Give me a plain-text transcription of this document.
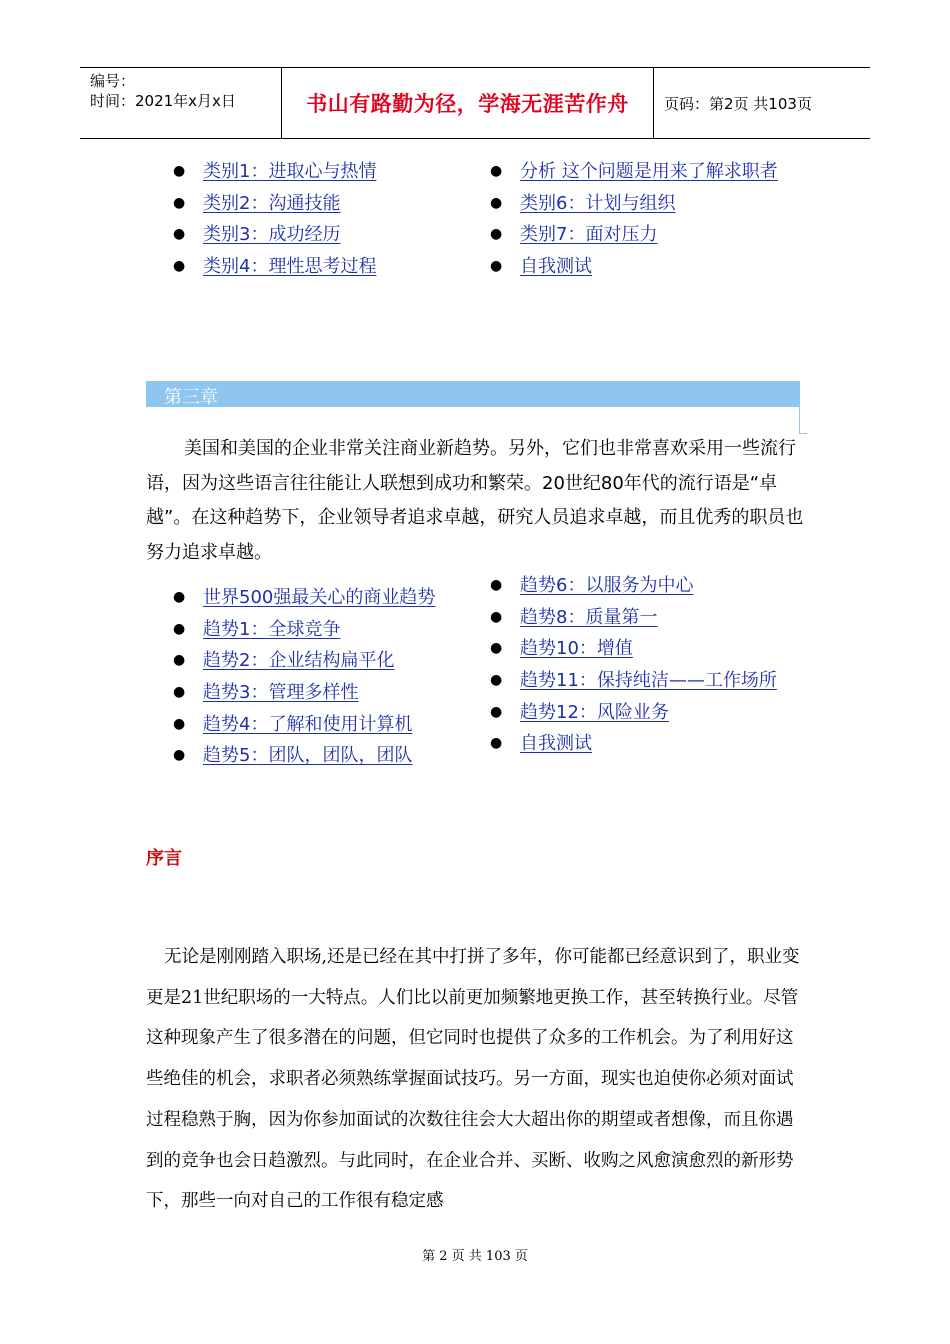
编号：
时间：2021年x月x日	书山有路勤为径，学海无涯苦作舟	页码：第2页 共103页
● 类别1：进取心与热情
● 类别2：沟通技能
● 类别3：成功经历
● 类别4：理性思考过程
● 分析 这个问题是用来了解求职者
● 类别6：计划与组织
● 类别7：面对压力
● 自我测试
第三章

美国和美国的企业非常关注商业新趋势。另外，它们也非常喜欢采用一些流行语，因为这些语言往往能让人联想到成功和繁荣。20世纪80年代的流行语是“卓越”。在这种趋势下，企业领导者追求卓越，研究人员追求卓越，而且优秀的职员也努力追求卓越。

● 世界500强最关心的商业趋势
● 趋势1：全球竞争
● 趋势2：企业结构扁平化
● 趋势3：管理多样性
● 趋势4：了解和使用计算机
● 趋势5：团队，团队，团队
● 趋势6：以服务为中心
● 趋势8：质量第一
● 趋势10：增值
● 趋势11：保持纯洁——工作场所
● 趋势12：风险业务
● 自我测试
序言

无论是刚刚踏入职场,还是已经在其中打拼了多年，你可能都已经意识到了，职业变更是21世纪职场的一大特点。人们比以前更加频繁地更换工作，甚至转换行业。尽管这种现象产生了很多潜在的问题，但它同时也提供了众多的工作机会。为了利用好这些绝佳的机会，求职者必须熟练掌握面试技巧。另一方面，现实也迫使你必须对面试过程稳熟于胸，因为你参加面试的次数往往会大大超出你的期望或者想像，而且你遇到的竞争也会日趋激烈。与此同时，在企业合并、买断、收购之风愈演愈烈的新形势下，那些一向对自己的工作很有稳定感

第 2 页 共 103 页
